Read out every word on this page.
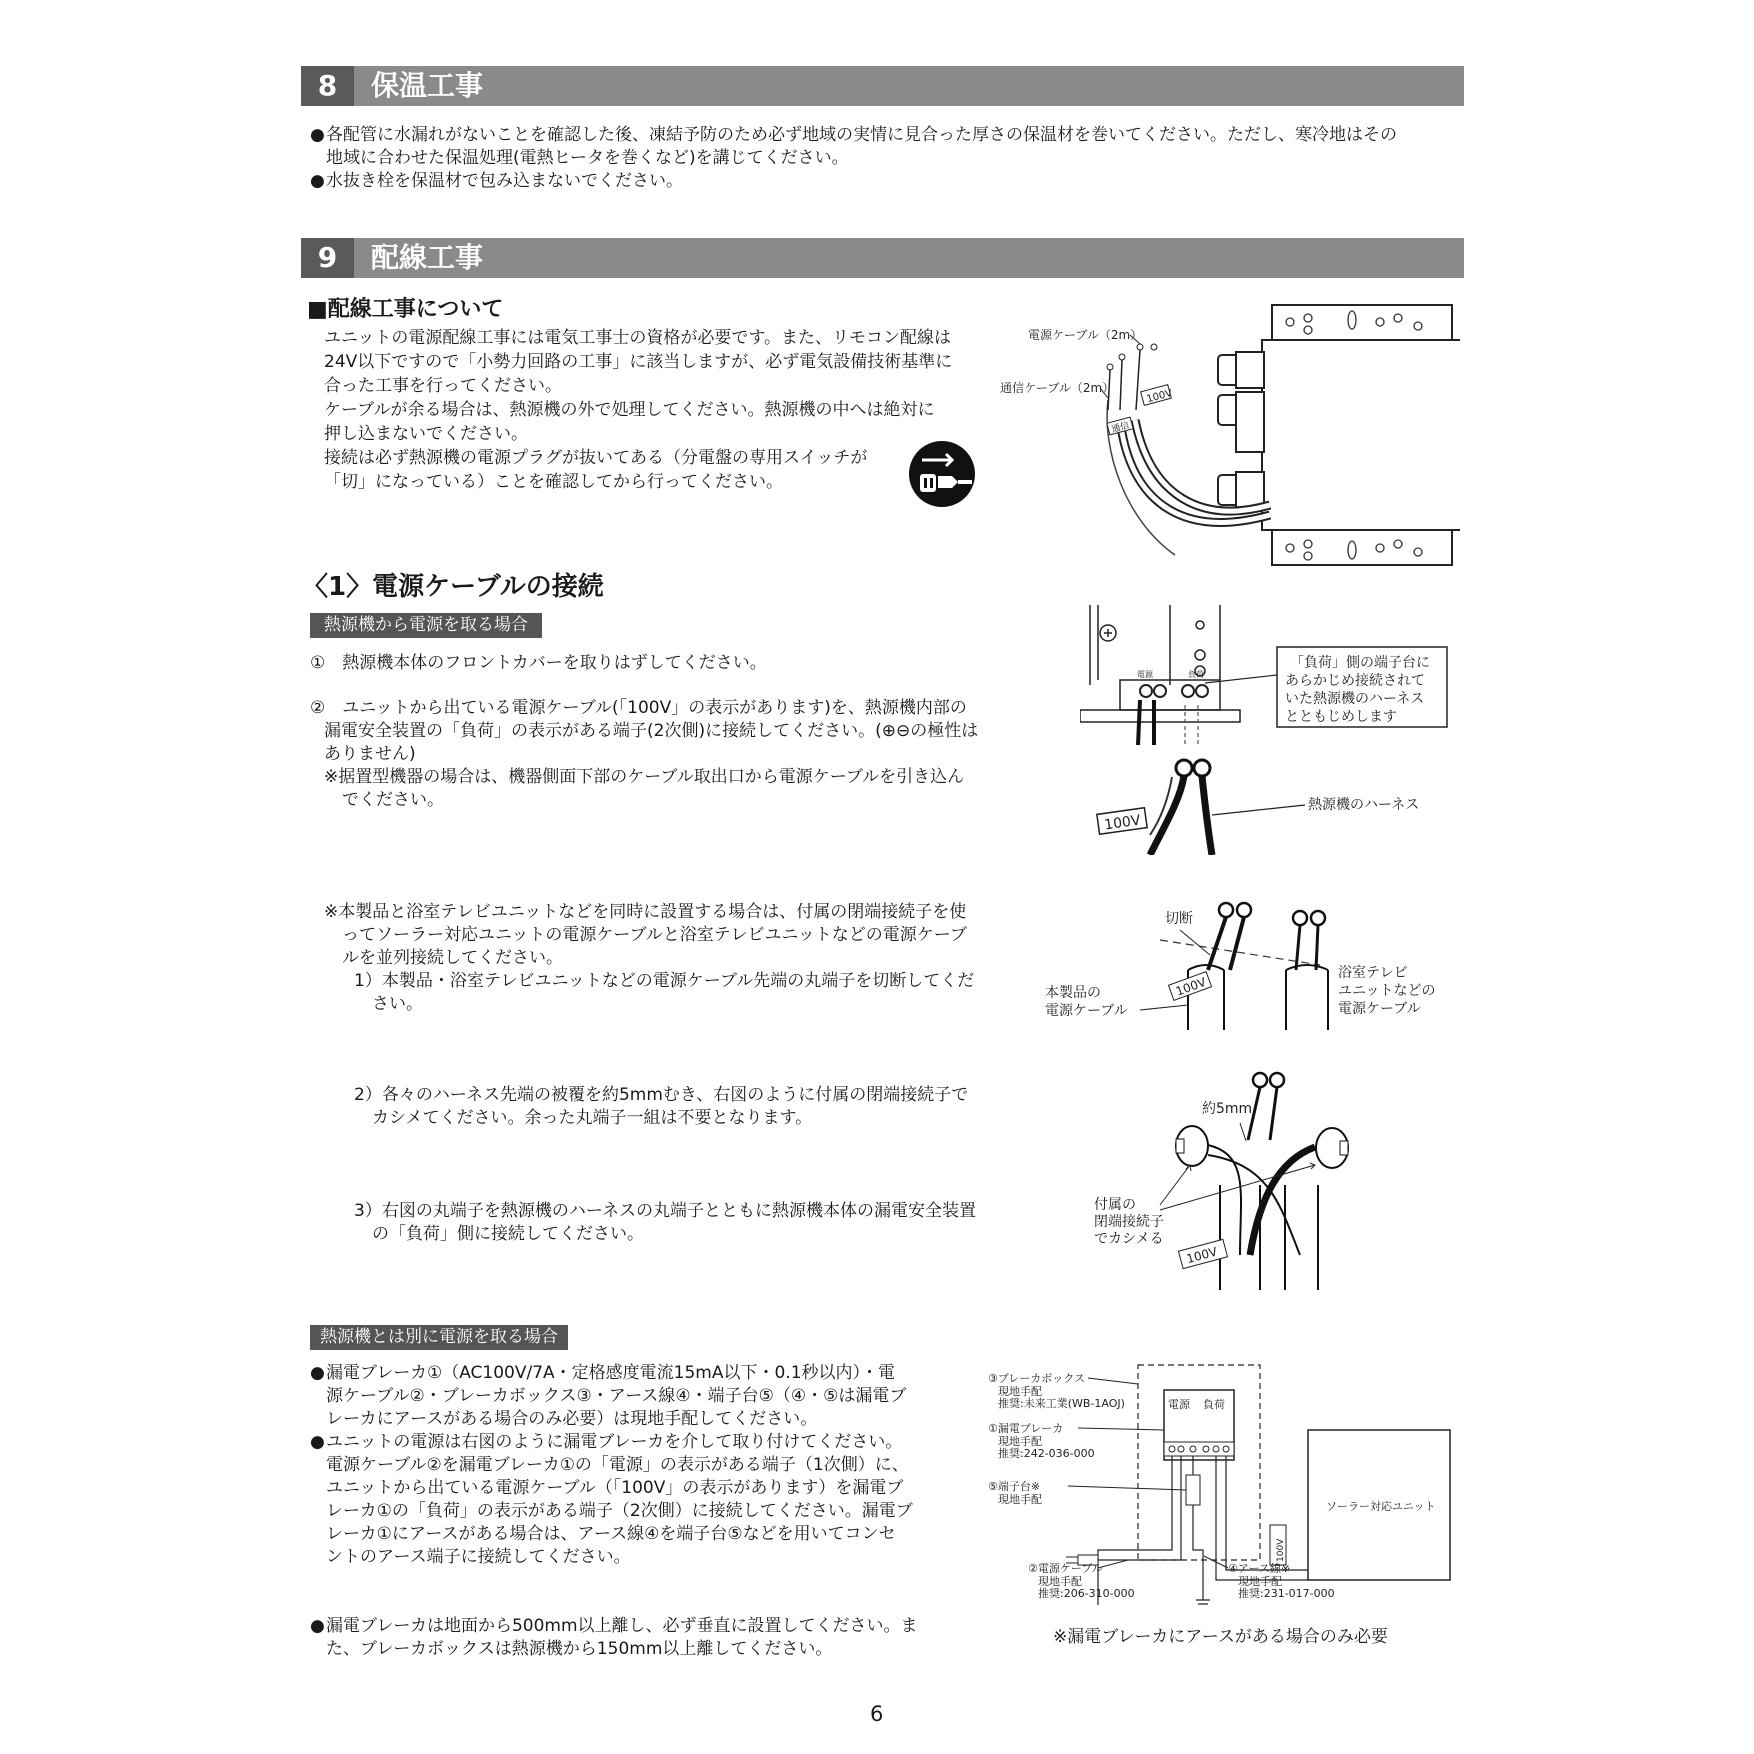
8	保温工事
●各配管に水漏れがないことを確認した後、凍結予防のため必ず地域の実情に見合った厚さの保温材を巻いてください。ただし、寒冷地はその
地域に合わせた保温処理(電熱ヒータを巻くなど)を講じてください。
●水抜き栓を保温材で包み込まないでください。
9	配線工事
■配線工事について
ユニットの電源配線工事には電気工事士の資格が必要です。また、リモコン配線は
24V以下ですので「小勢力回路の工事」に該当しますが、必ず電気設備技術基準に
合った工事を行ってください。
ケーブルが余る場合は、熱源機の外で処理してください。熱源機の中へは絶対に
押し込まないでください。
接続は必ず熱源機の電源プラグが抜いてある（分電盤の専用スイッチが
「切」になっている）ことを確認してから行ってください。
100V
通信
電源ケーブル（2m）
通信ケーブル（2m）
〈1〉電源ケーブルの接続
熱源機から電源を取る場合
①　熱源機本体のフロントカバーを取りはずしてください。
②　ユニットから出ている電源ケーブル(「100V」の表示があります)を、熱源機内部の
漏電安全装置の「負荷」の表示がある端子(2次側)に接続してください。(⊕⊖の極性は
ありません)
※据置型機器の場合は、機器側面下部のケーブル取出口から電源ケーブルを引き込ん
でください。
電源	負荷
「負荷」側の端子台に
あらかじめ接続されて
いた熱源機のハーネス
とともじめします
100V
熱源機のハーネス
※本製品と浴室テレビユニットなどを同時に設置する場合は、付属の閉端接続子を使
ってソーラー対応ユニットの電源ケーブルと浴室テレビユニットなどの電源ケーブ
ルを並列接続してください。
1）本製品・浴室テレビユニットなどの電源ケーブル先端の丸端子を切断してくだ
さい。
切断
100V
本製品の
電源ケーブル
浴室テレビ
ユニットなどの
電源ケーブル
2）各々のハーネス先端の被覆を約5mmむき、右図のように付属の閉端接続子で
カシメてください。余った丸端子一組は不要となります。
3）右図の丸端子を熱源機のハーネスの丸端子とともに熱源機本体の漏電安全装置
の「負荷」側に接続してください。
約5mm
100V
付属の
閉端接続子
でカシメる
熱源機とは別に電源を取る場合
●漏電ブレーカ①（AC100V/7A・定格感度電流15mA以下・0.1秒以内）・電
源ケーブル②・ブレーカボックス③・アース線④・端子台⑤（④・⑤は漏電ブ
レーカにアースがある場合のみ必要）は現地手配してください。
●ユニットの電源は右図のように漏電ブレーカを介して取り付けてください。
電源ケーブル②を漏電ブレーカ①の「電源」の表示がある端子（1次側）に、
ユニットから出ている電源ケーブル（「100V」の表示があります）を漏電ブ
レーカ①の「負荷」の表示がある端子（2次側）に接続してください。漏電ブ
レーカ①にアースがある場合は、アース線④を端子台⑤などを用いてコンセ
ントのアース端子に接続してください。
●漏電ブレーカは地面から500mm以上離し、必ず垂直に設置してください。ま
た、ブレーカボックスは熱源機から150mm以上離してください。
電源 負荷
100V
ソーラー対応ユニット
③ブレーカボックス
現地手配
推奨:未来工業(WB-1AOJ)
①漏電ブレーカ
現地手配
推奨:242-036-000
⑤端子台※
現地手配
②電源ケーブル
現地手配
推奨:206-310-000
④アース線※
現地手配
推奨:231-017-000
※漏電ブレーカにアースがある場合のみ必要
6
